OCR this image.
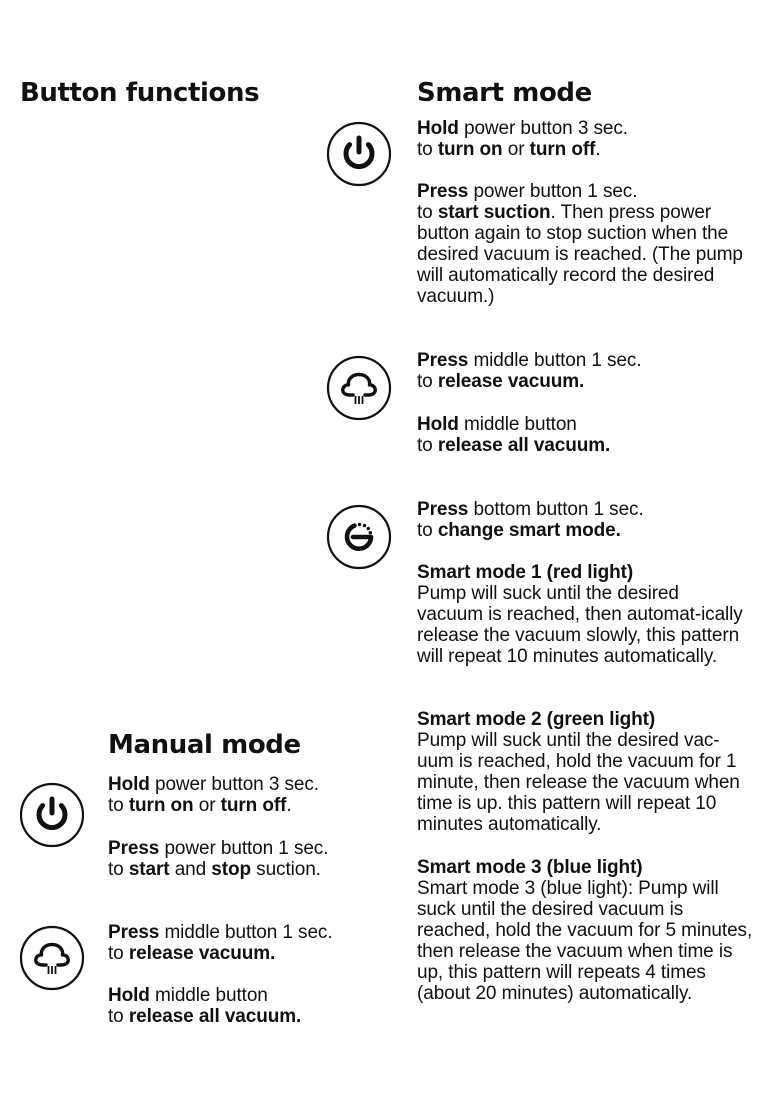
Button functions	Smart mode
Manual mode
Hold power button 3 sec.
to turn on or turn off.
Press power button 1 sec.
to start suction. Then press power button again to stop suction when the desired vacuum is reached. (The pump will automatically record the desired vacuum.)
Press middle button 1 sec.
to release vacuum.
Hold middle button
to release all vacuum.
Press bottom button 1 sec.
to change smart mode.
Smart mode 1 (red light)
Pump will suck until the desired vacuum is reached, then automat-ically release the vacuum slowly, this pattern will repeat 10 minutes automatically.
Smart mode 2 (green light)
Pump will suck until the desired vac-uum is reached, hold the vacuum for 1 minute, then release the vacuum when time is up. this pattern will repeat 10 minutes automatically.
Smart mode 3 (blue light)
Smart mode 3 (blue light): Pump will suck until the desired vacuum is reached, hold the vacuum for 5 minutes, then release the vacuum when time is up, this pattern will repeats 4 times (about 20 minutes) automatically.
Hold power button 3 sec.
to turn on or turn off.
Press power button 1 sec.
to start and stop suction.
Press middle button 1 sec.
to release vacuum.
Hold middle button
to release all vacuum.
